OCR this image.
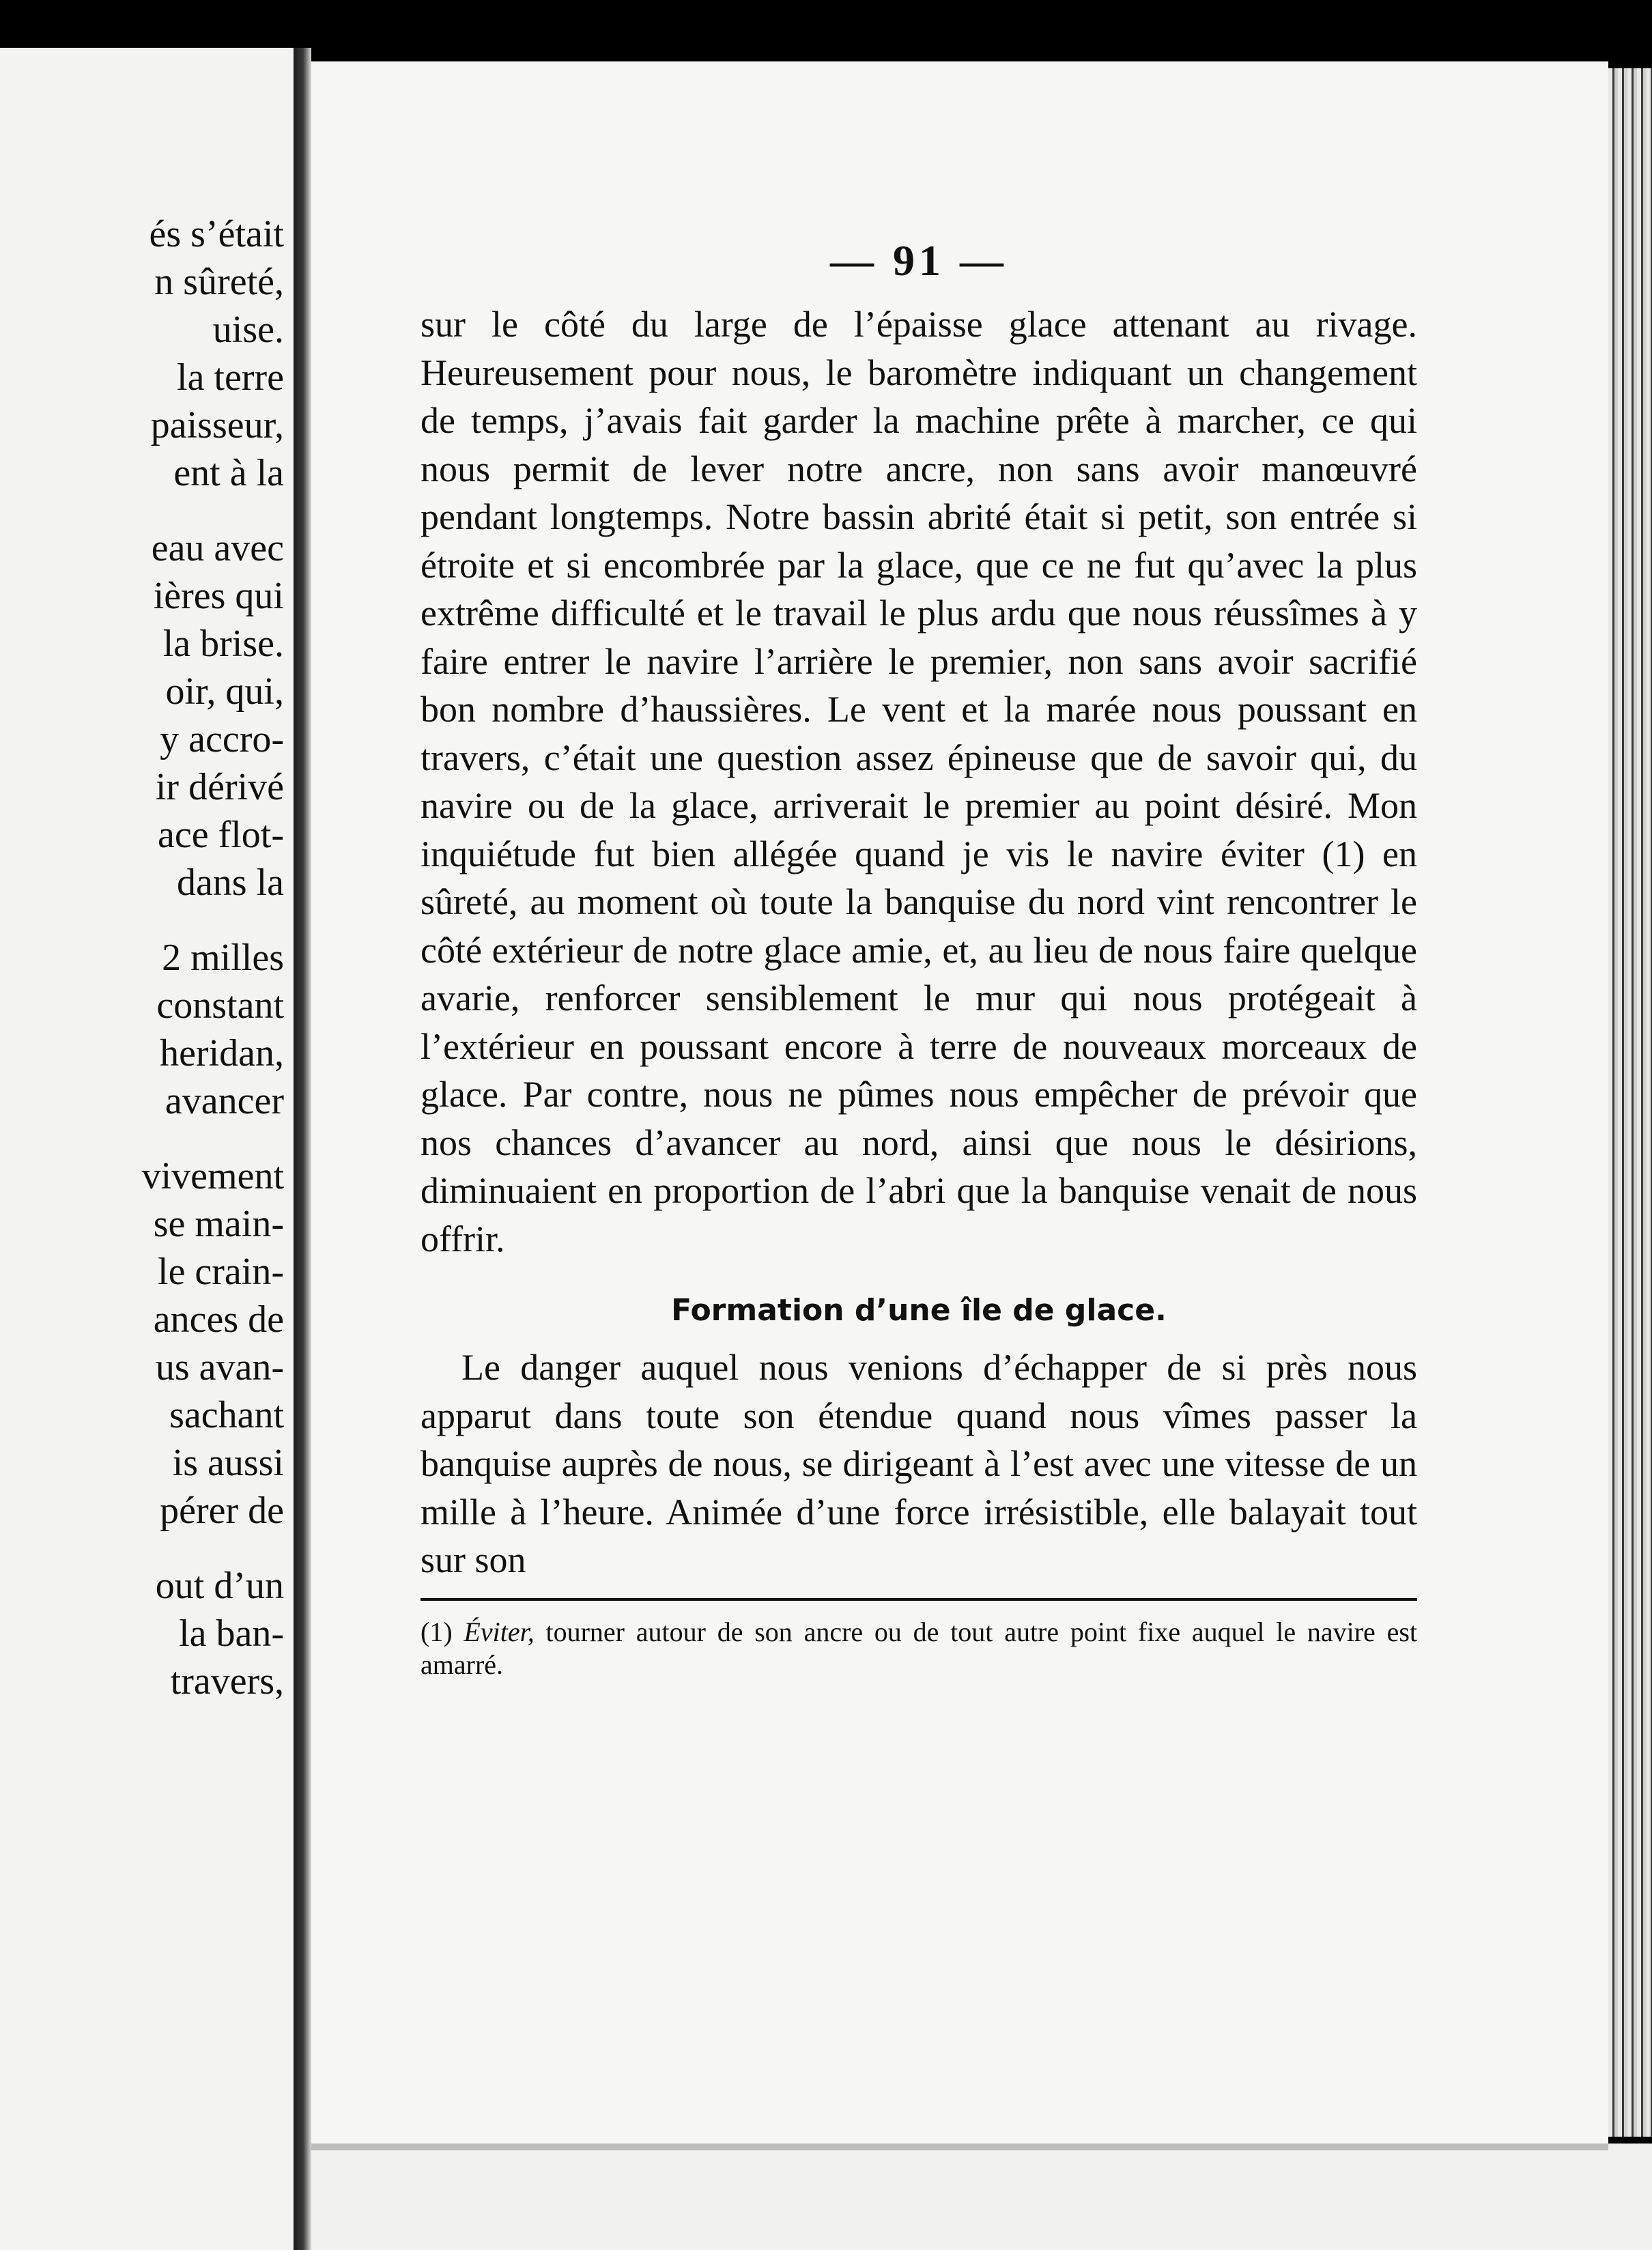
és s’était
n sûreté,
uise.
la terre
paisseur,
ent à la
eau avec
ières qui
la brise.
oir, qui,
y accro-
ir dérivé
ace flot-
dans la
2 milles
constant
heridan,
avancer
vivement
se main-
le crain-
ances de
us avan-
sachant
is aussi
pérer de
out d’un
la ban-
travers,
— 91 —

sur le côté du large de l’épaisse glace attenant au rivage. Heureusement pour nous, le baromètre indiquant un changement de temps, j’avais fait garder la machine prête à marcher, ce qui nous permit de lever notre ancre, non sans avoir manœuvré pendant longtemps. Notre bassin abrité était si petit, son entrée si étroite et si encombrée par la glace, que ce ne fut qu’avec la plus extrême difficulté et le travail le plus ardu que nous réussîmes à y faire entrer le navire l’arrière le premier, non sans avoir sacrifié bon nombre d’haussières. Le vent et la marée nous poussant en travers, c’était une question assez épineuse que de savoir qui, du navire ou de la glace, arriverait le premier au point désiré. Mon inquiétude fut bien allégée quand je vis le navire éviter (1) en sûreté, au moment où toute la banquise du nord vint rencontrer le côté extérieur de notre glace amie, et, au lieu de nous faire quelque avarie, renforcer sensiblement le mur qui nous protégeait à l’extérieur en poussant encore à terre de nouveaux morceaux de glace. Par contre, nous ne pûmes nous empêcher de prévoir que nos chances d’avancer au nord, ainsi que nous le désirions, diminuaient en proportion de l’abri que la banquise venait de nous offrir.

Formation d’une île de glace.

Le danger auquel nous venions d’échapper de si près nous apparut dans toute son étendue quand nous vîmes passer la banquise auprès de nous, se dirigeant à l’est avec une vitesse de un mille à l’heure. Animée d’une force irrésistible, elle balayait tout sur son

(1) Éviter, tourner autour de son ancre ou de tout autre point fixe auquel le navire est amarré.
